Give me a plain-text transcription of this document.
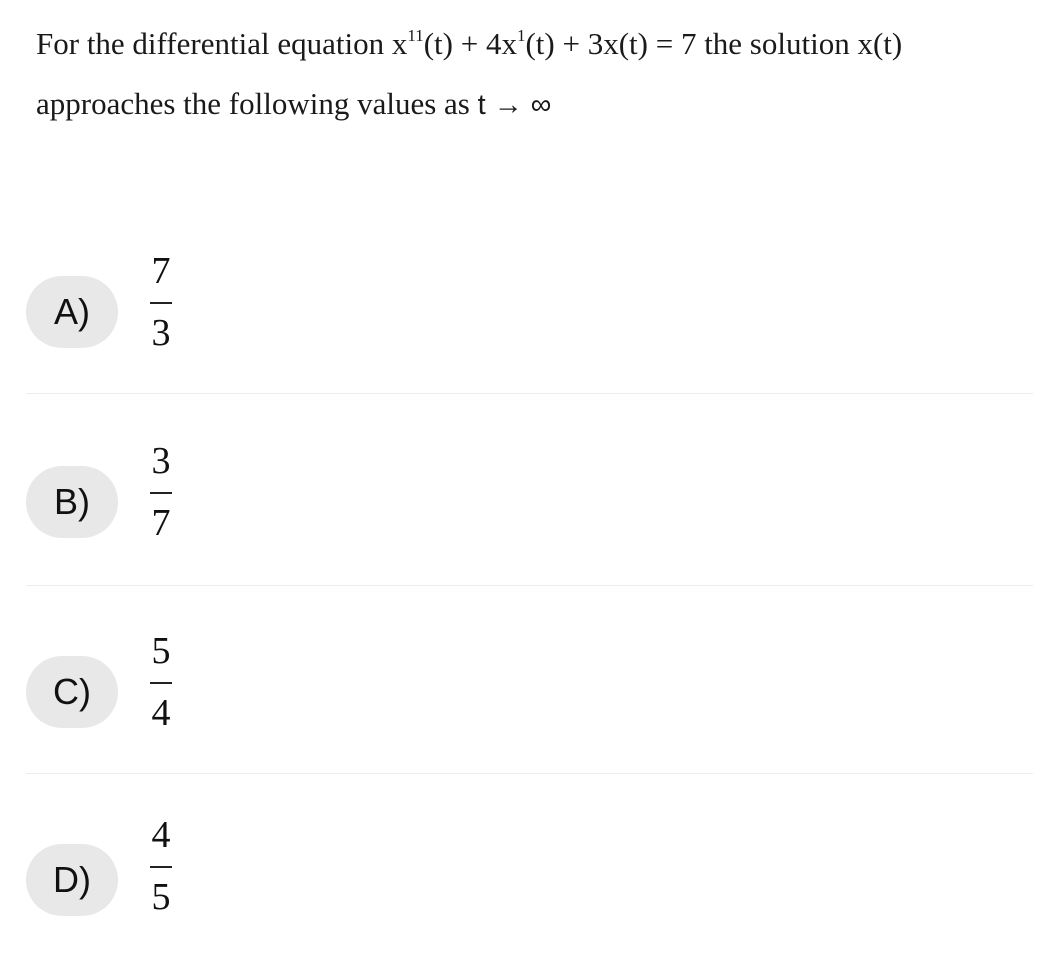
For the differential equation $x^{11}(t) + 4x^1(t) + 3x(t) = 7$ the solution x(t)
approaches the following values as t → ∞
A)
7
3
B)
3
7
C)
5
4
D)
4
5
